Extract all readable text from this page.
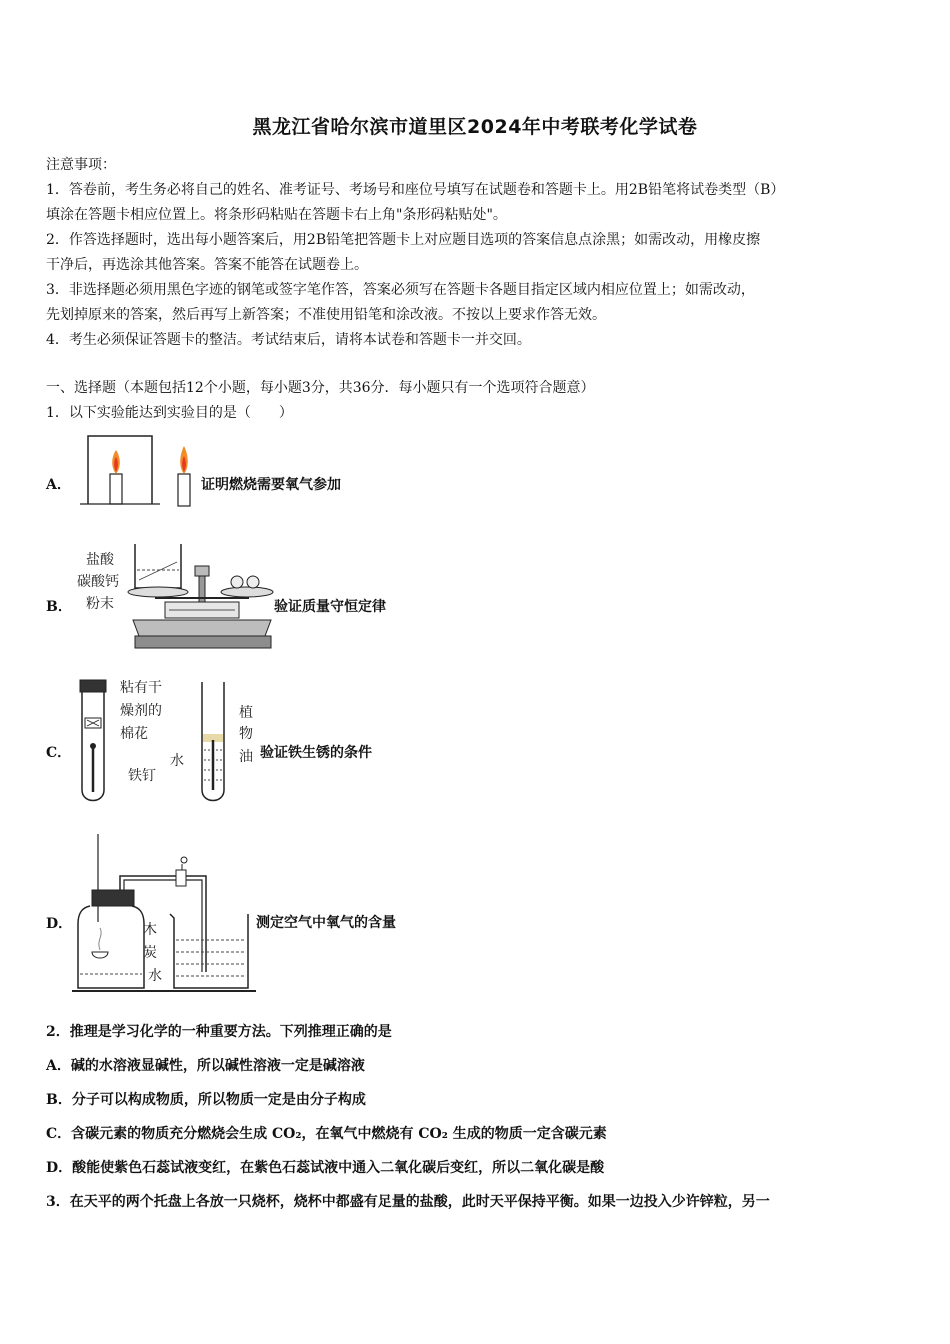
黑龙江省哈尔滨市道里区2024年中考联考化学试卷
注意事项：
1．答卷前，考生务必将自己的姓名、准考证号、考场号和座位号填写在试题卷和答题卡上。用2B铅笔将试卷类型（B）
填涂在答题卡相应位置上。将条形码粘贴在答题卡右上角"条形码粘贴处"。
2．作答选择题时，选出每小题答案后，用2B铅笔把答题卡上对应题目选项的答案信息点涂黑；如需改动，用橡皮擦
干净后，再选涂其他答案。答案不能答在试题卷上。
3．非选择题必须用黑色字迹的钢笔或签字笔作答，答案必须写在答题卡各题目指定区域内相应位置上；如需改动，
先划掉原来的答案，然后再写上新答案；不准使用铅笔和涂改液。不按以上要求作答无效。
4．考生必须保证答题卡的整洁。考试结束后，请将本试卷和答题卡一并交回。
一、选择题（本题包括12个小题，每小题3分，共36分．每小题只有一个选项符合题意）
1．以下实验能达到实验目的是（　　）
A．	证明燃烧需要氧气参加
B．
盐酸
碳酸钙
粉末	验证质量守恒定律
C．
粘有干
燥剂的
棉花
铁钉
植
物
油
水	验证铁生锈的条件
D．	木
炭
水
测定空气中氧气的含量
2．推理是学习化学的一种重要方法。下列推理正确的是
A．碱的水溶液显碱性，所以碱性溶液一定是碱溶液
B．分子可以构成物质，所以物质一定是由分子构成
C．含碳元素的物质充分燃烧会生成 CO₂，在氧气中燃烧有 CO₂ 生成的物质一定含碳元素
D．酸能使紫色石蕊试液变红，在紫色石蕊试液中通入二氧化碳后变红，所以二氧化碳是酸
3．在天平的两个托盘上各放一只烧杯，烧杯中都盛有足量的盐酸，此时天平保持平衡。如果一边投入少许锌粒，另一
